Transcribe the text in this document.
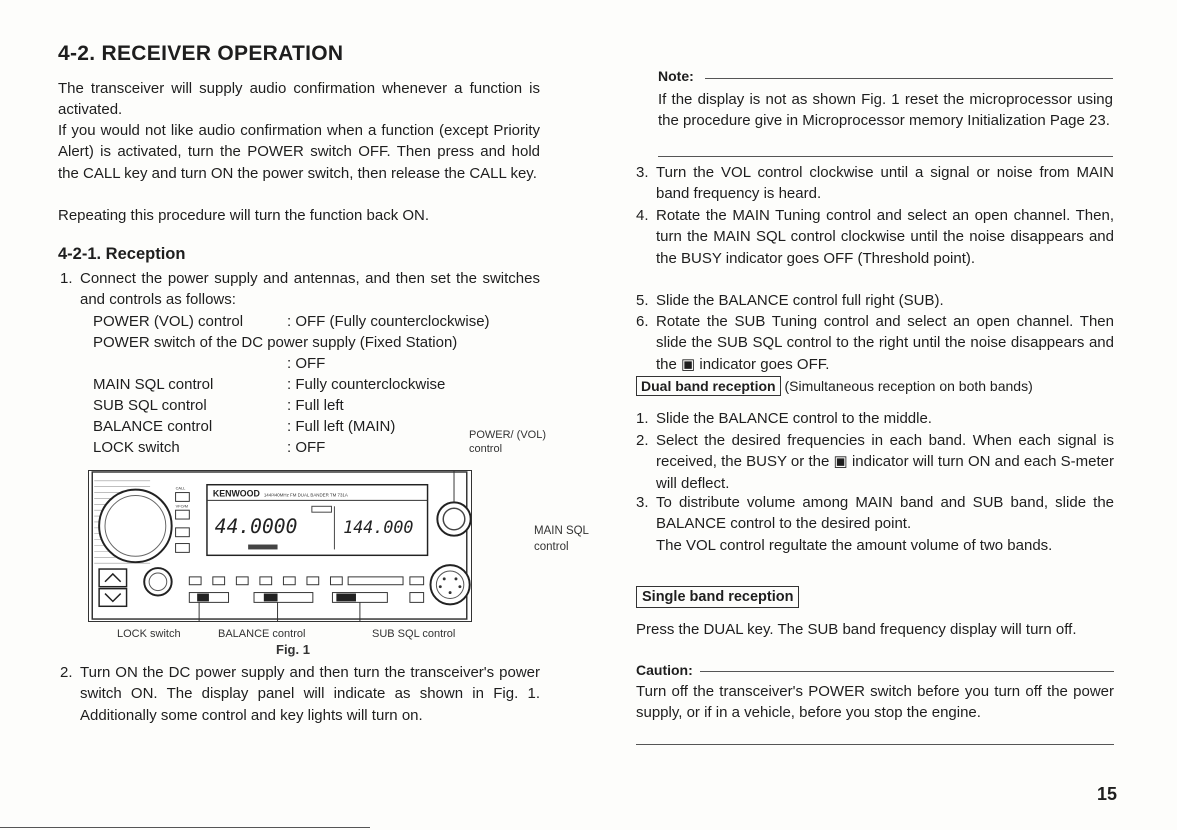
4-2. RECEIVER OPERATION

The transceiver will supply audio confirmation whenever a function is activated.

If you would not like audio confirmation when a function (except Priority Alert) is activated, turn the POWER switch OFF. Then press and hold the CALL key and turn ON the power switch, then release the CALL key.

Repeating this procedure will turn the function back ON.

4-2-1. Reception
1. Connect the power supply and antennas, and then set the switches and controls as follows:
POWER (VOL) control	: OFF (Fully counterclockwise)
POWER switch of the DC power supply (Fixed Station)
: OFF
MAIN SQL control	: Fully counterclockwise
SUB SQL control	: Full left
BALANCE control	: Full left (MAIN)
LOCK switch	: OFF
POWER/ (VOL) control
MAIN SQL control
CALL
VFO/M
KENWOOD 144/440MHz FM DUAL BANDER TM 731A
44.0000	144.000
LOCK switch	BALANCE control	SUB SQL control
Fig. 1
2. Turn ON the DC power supply and then turn the transceiver's power switch ON. The display panel will indicate as shown in Fig. 1. Additionally some control and key lights will turn on.
Note:

If the display is not as shown Fig. 1 reset the microprocessor using the procedure give in Microprocessor memory Initialization Page 23.

3. Turn the VOL control clockwise until a signal or noise from MAIN band frequency is heard.
4. Rotate the MAIN Tuning control and select an open channel. Then, turn the MAIN SQL control clockwise until the noise disappears and the BUSY indicator goes OFF (Threshold point).
5. Slide the BALANCE control full right (SUB).
6. Rotate the SUB Tuning control and select an open channel. Then slide the SUB SQL control to the right until the noise disappears and the ▣ indicator goes OFF.
Dual band reception (Simultaneous reception on both bands)
1. Slide the BALANCE control to the middle.
2. Select the desired frequencies in each band. When each signal is received, the BUSY or the ▣ indicator will turn ON and each S-meter will deflect.
3. To distribute volume among MAIN band and SUB band, slide the BALANCE control to the desired point.

The VOL control regultate the amount volume of two bands.

Single band reception

Press the DUAL key. The SUB band frequency display will turn off.

Caution:

Turn off the transceiver's POWER switch before you turn off the power supply, or if in a vehicle, before you stop the engine.

15
